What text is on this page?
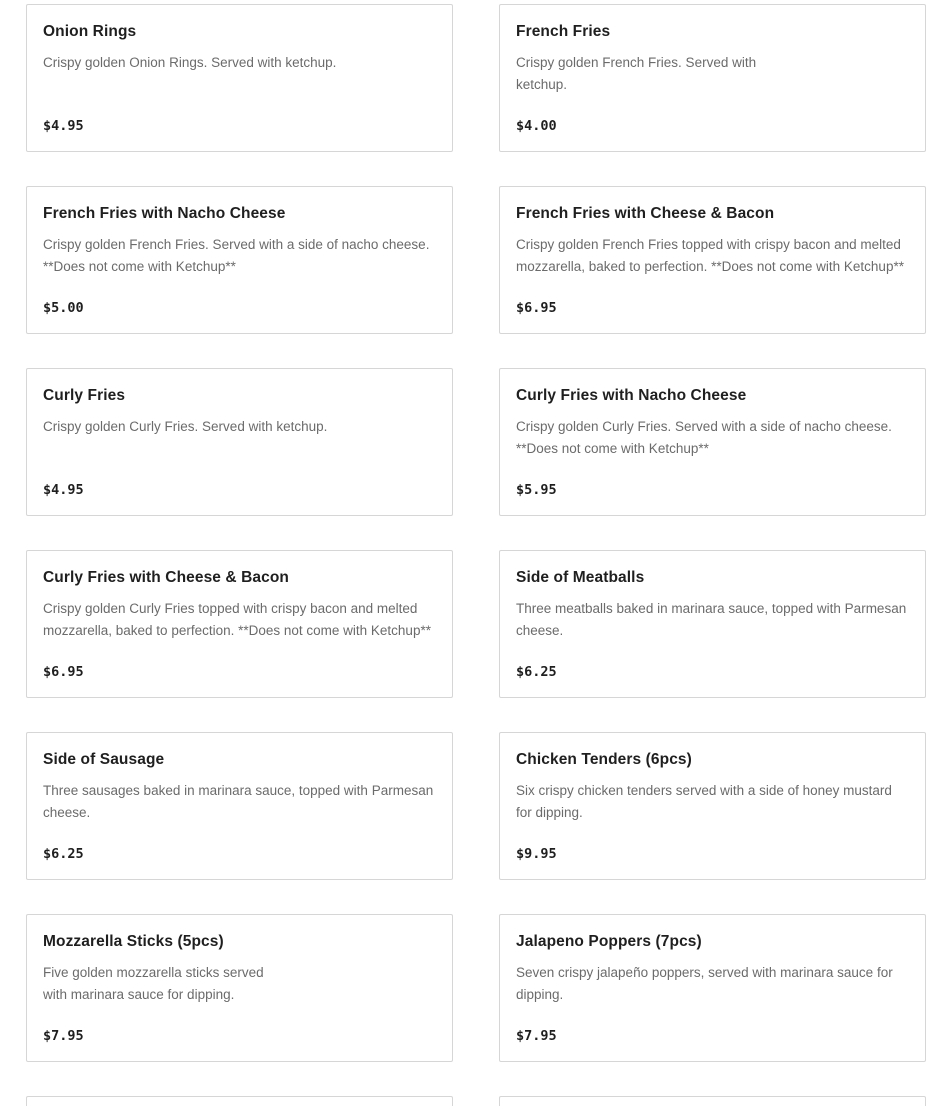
Onion Rings
Crispy golden Onion Rings. Served with ketchup.
$4.95
French Fries
Crispy golden French Fries. Served with ketchup.
$4.00
French Fries with Nacho Cheese
Crispy golden French Fries. Served with a side of nacho cheese. **Does not come with Ketchup**
$5.00
French Fries with Cheese & Bacon
Crispy golden French Fries topped with crispy bacon and melted mozzarella, baked to perfection. **Does not come with Ketchup**
$6.95
Curly Fries
Crispy golden Curly Fries. Served with ketchup.
$4.95
Curly Fries with Nacho Cheese
Crispy golden Curly Fries. Served with a side of nacho cheese. **Does not come with Ketchup**
$5.95
Curly Fries with Cheese & Bacon
Crispy golden Curly Fries topped with crispy bacon and melted mozzarella, baked to perfection. **Does not come with Ketchup**
$6.95
Side of Meatballs
Three meatballs baked in marinara sauce, topped with Parmesan cheese.
$6.25
Side of Sausage
Three sausages baked in marinara sauce, topped with Parmesan cheese.
$6.25
Chicken Tenders (6pcs)
Six crispy chicken tenders served with a side of honey mustard for dipping.
$9.95
Mozzarella Sticks (5pcs)
Five golden mozzarella sticks served with marinara sauce for dipping.
$7.95
Jalapeno Poppers (7pcs)
Seven crispy jalapeño poppers, served with marinara sauce for dipping.
$7.95
